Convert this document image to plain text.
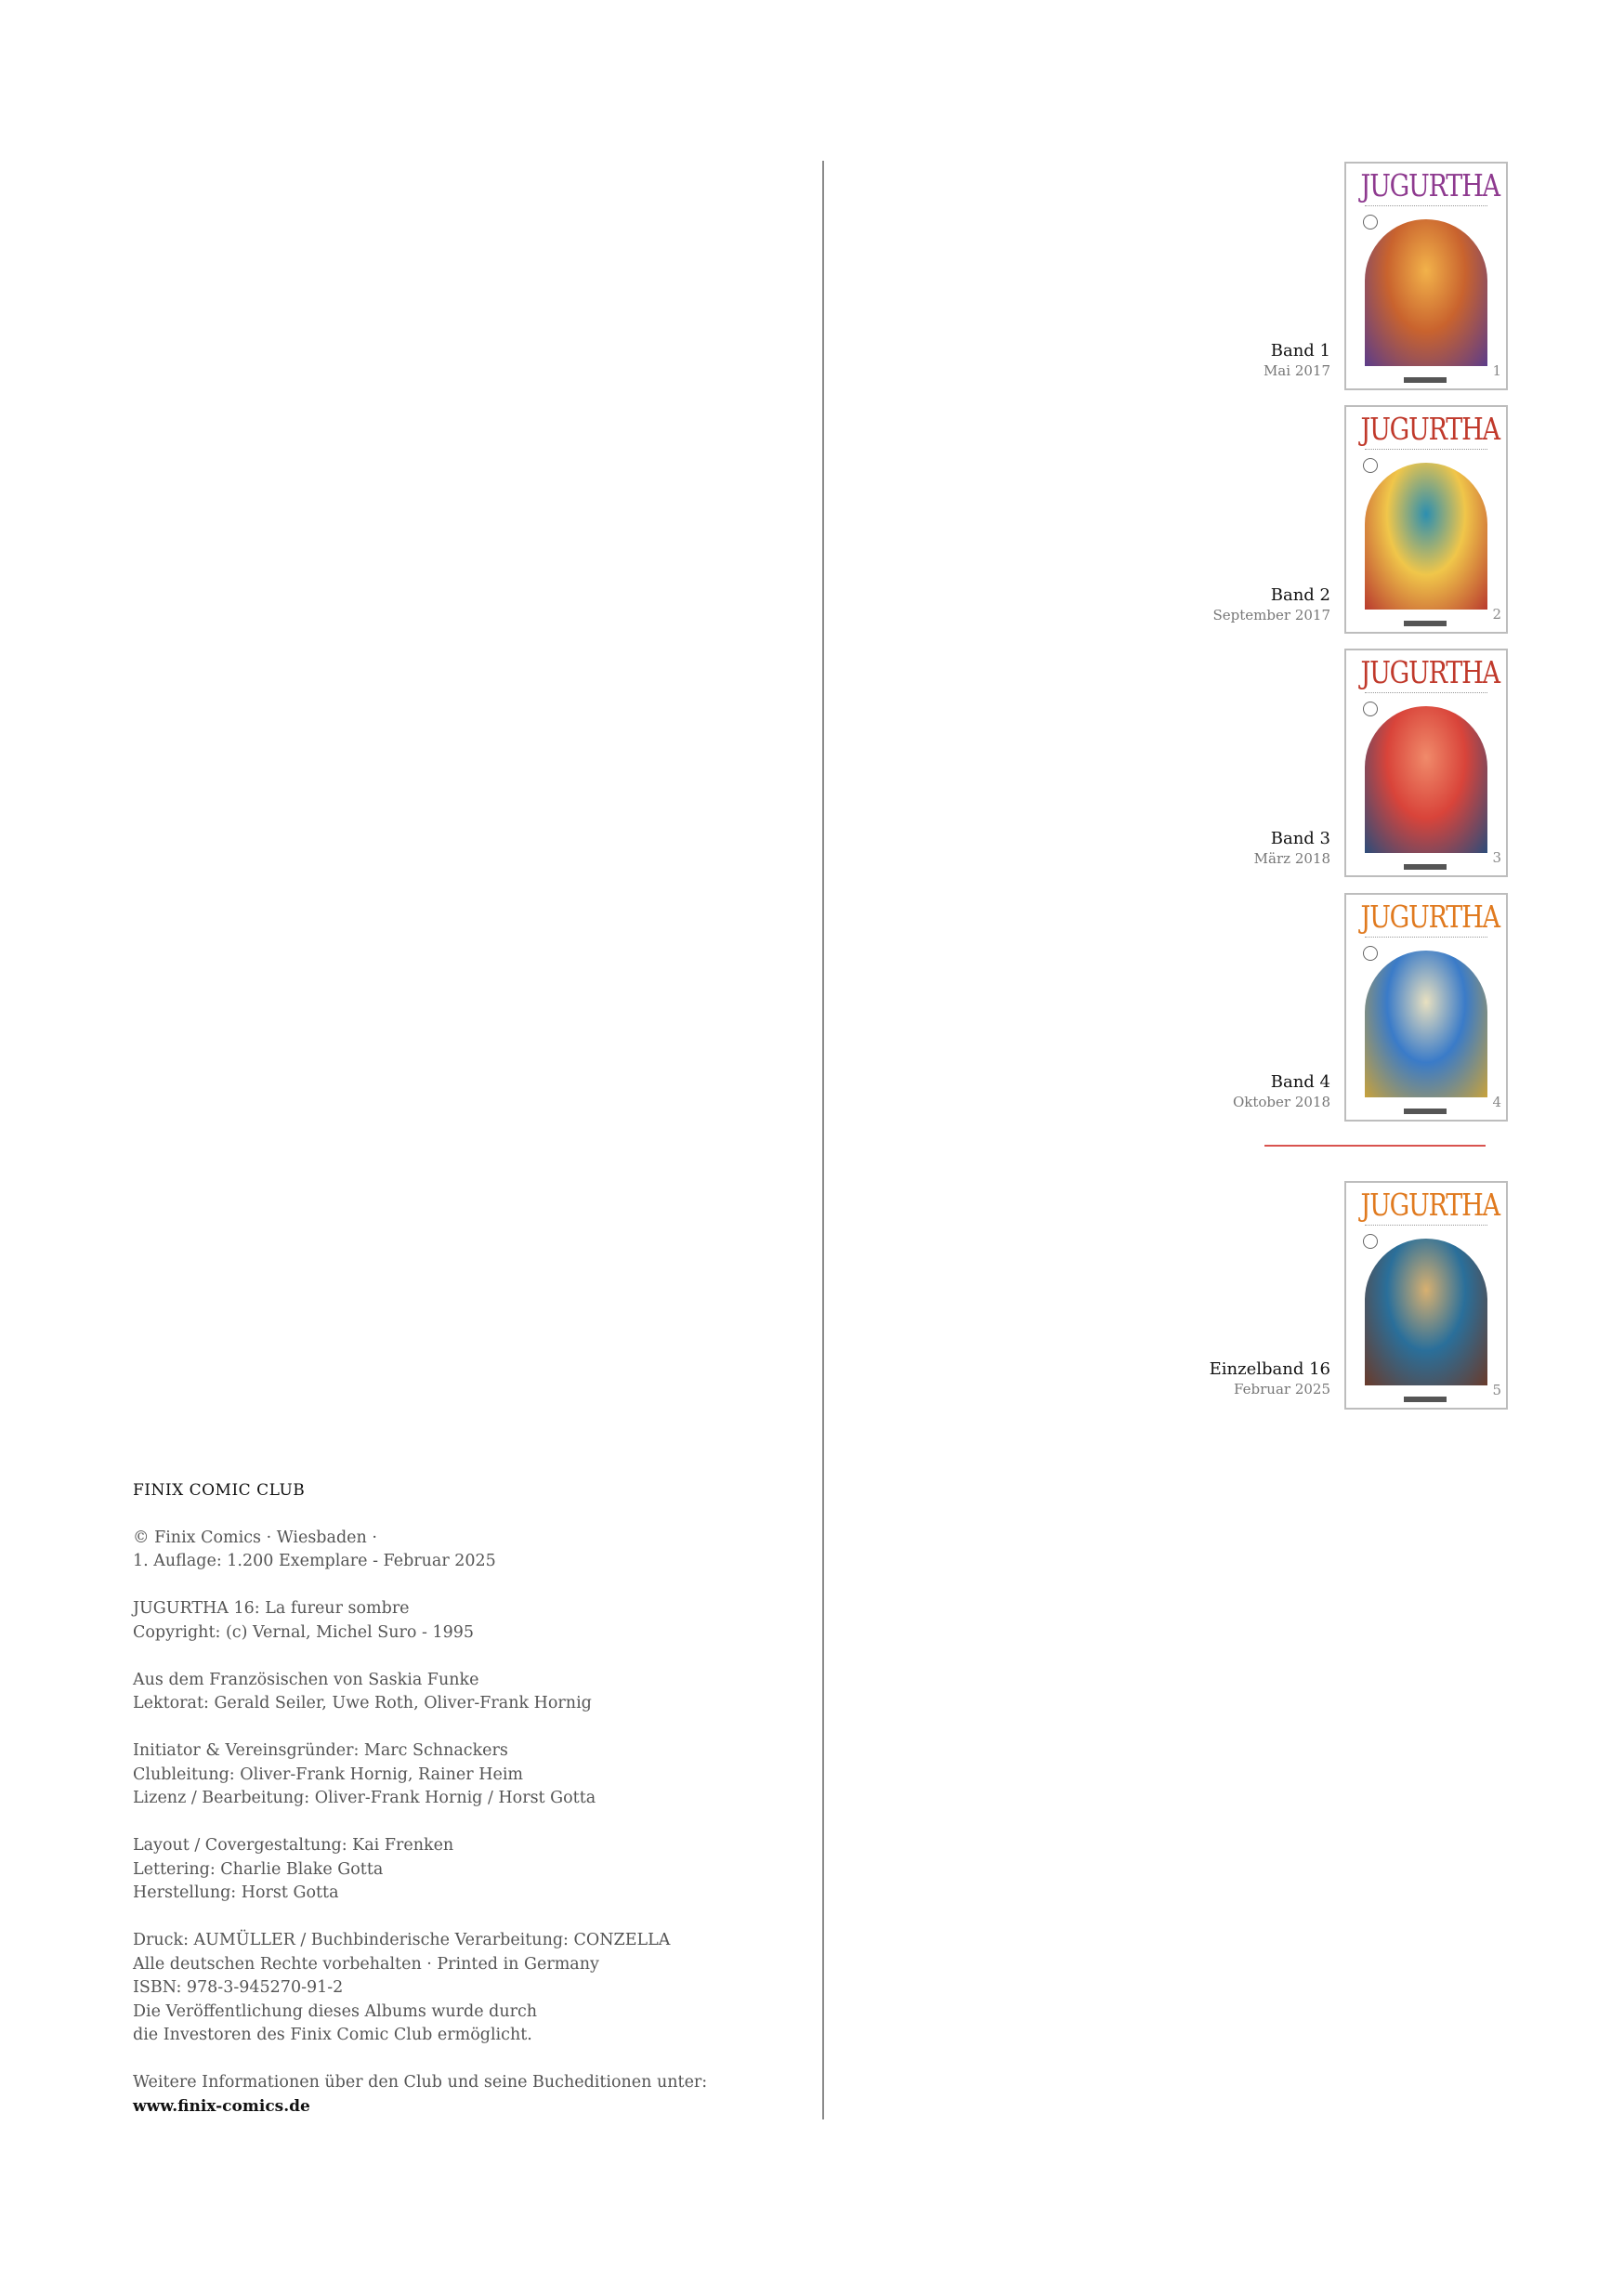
FINIX COMIC CLUB
© Finix Comics · Wiesbaden ·
1. Auflage: 1.200 Exemplare - Februar 2025
JUGURTHA 16: La fureur sombre
Copyright: (c) Vernal, Michel Suro - 1995
Aus dem Französischen von Saskia Funke
Lektorat: Gerald Seiler, Uwe Roth, Oliver-Frank Hornig
Initiator & Vereinsgründer: Marc Schnackers
Clubleitung: Oliver-Frank Hornig, Rainer Heim
Lizenz / Bearbeitung: Oliver-Frank Hornig / Horst Gotta
Layout / Covergestaltung: Kai Frenken
Lettering: Charlie Blake Gotta
Herstellung: Horst Gotta
Druck: AUMÜLLER / Buchbinderische Verarbeitung: CONZELLA
Alle deutschen Rechte vorbehalten · Printed in Germany
ISBN: 978-3-945270-91-2
Die Veröffentlichung dieses Albums wurde durch
die Investoren des Finix Comic Club ermöglicht.
Weitere Informationen über den Club und seine Bucheditionen unter:
www.finix-comics.de
Band 1
Mai 2017
JUGURTHA
1
Band 2
September 2017
JUGURTHA
2
Band 3
März 2018
JUGURTHA
3
Band 4
Oktober 2018
JUGURTHA
4
Einzelband 16
Februar 2025
JUGURTHA
5
